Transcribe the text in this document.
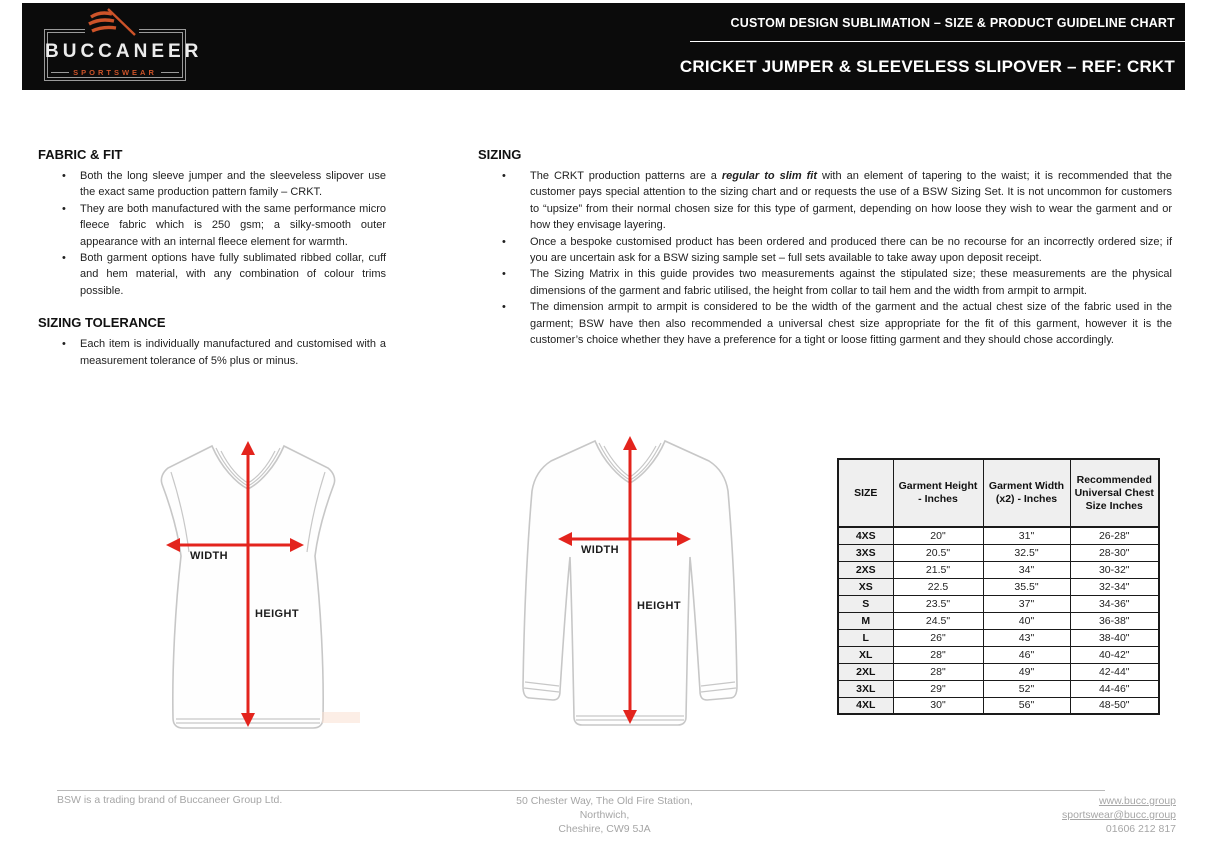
BUCCANEER
SPORTSWEAR
CUSTOM DESIGN SUBLIMATION – SIZE & PRODUCT GUIDELINE CHART
CRICKET JUMPER & SLEEVELESS SLIPOVER – REF: CRKT
FABRIC & FIT
• Both the long sleeve jumper and the sleeveless slipover use the exact same production pattern family – CRKT.
• They are both manufactured with the same performance micro fleece fabric which is 250 gsm; a silky-smooth outer appearance with an internal fleece element for warmth.
• Both garment options have fully sublimated ribbed collar, cuff and hem material, with any combination of colour trims possible.
SIZING TOLERANCE
• Each item is individually manufactured and customised with a measurement tolerance of 5% plus or minus.
SIZING
• The CRKT production patterns are a regular to slim fit with an element of tapering to the waist; it is recommended that the customer pays special attention to the sizing chart and or requests the use of a BSW Sizing Set. It is not uncommon for customers to “upsize” from their normal chosen size for this type of garment, depending on how loose they wish to wear the garment and or how they envisage layering.
• Once a bespoke customised product has been ordered and produced there can be no recourse for an incorrectly ordered size; if you are uncertain ask for a BSW sizing sample set – full sets available to take away upon deposit receipt.
• The Sizing Matrix in this guide provides two measurements against the stipulated size; these measurements are the physical dimensions of the garment and fabric utilised, the height from collar to tail hem and the width from armpit to armpit.
• The dimension armpit to armpit is considered to be the width of the garment and the actual chest size of the fabric used in the garment; BSW have then also recommended a universal chest size appropriate for the fit of this garment, however it is the customer’s choice whether they have a preference for a tight or loose fitting garment and they should chose accordingly.
WIDTH
HEIGHT
WIDTH
HEIGHT
SIZE	Garment Height - Inches	Garment Width (x2) - Inches	Recommended Universal Chest Size Inches
4XS	20"	31"	26-28"
3XS	20.5"	32.5"	28-30"
2XS	21.5"	34"	30-32"
XS	22.5	35.5"	32-34"
S	23.5"	37"	34-36"
M	24.5"	40"	36-38"
L	26"	43"	38-40"
XL	28"	46"	40-42"
2XL	28"	49"	42-44"
3XL	29"	52"	44-46"
4XL	30"	56"	48-50"
BSW is a trading brand of Buccaneer Group Ltd.	50 Chester Way, The Old Fire Station,
Northwich,
Cheshire, CW9 5JA
www.bucc.group
sportswear@bucc.group
01606 212 817
